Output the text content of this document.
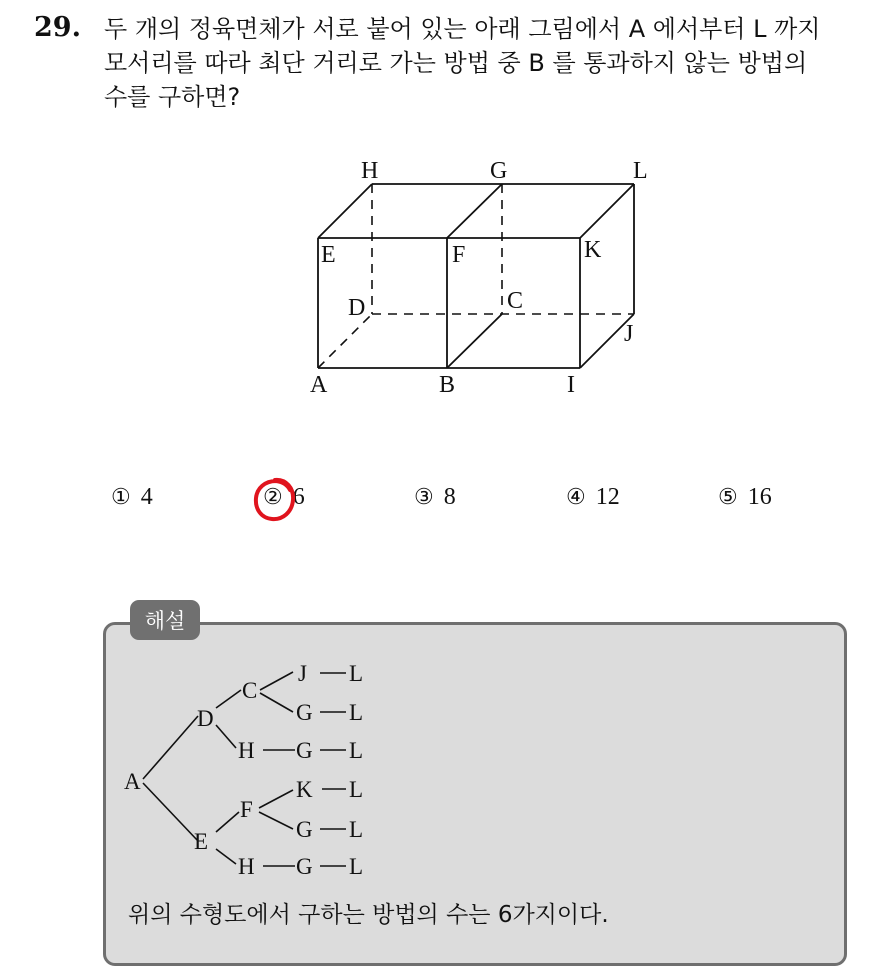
29. 두 개의 정육면체가 서로 붙어 있는 아래 그림에서 A 에서부터 L 까지
모서리를 따라 최단 거리로 가는 방법 중 B 를 통과하지 않는 방법의
수를 구하면?
H	G	L
E	F	K
D	C
J
A	B	I
① 4	② 6	③ 8	④ 12	⑤ 16
해설
A
D
C
J L
G L
H G L
E
F
K L
G L
H G L
위의 수형도에서 구하는 방법의 수는 6가지이다.
